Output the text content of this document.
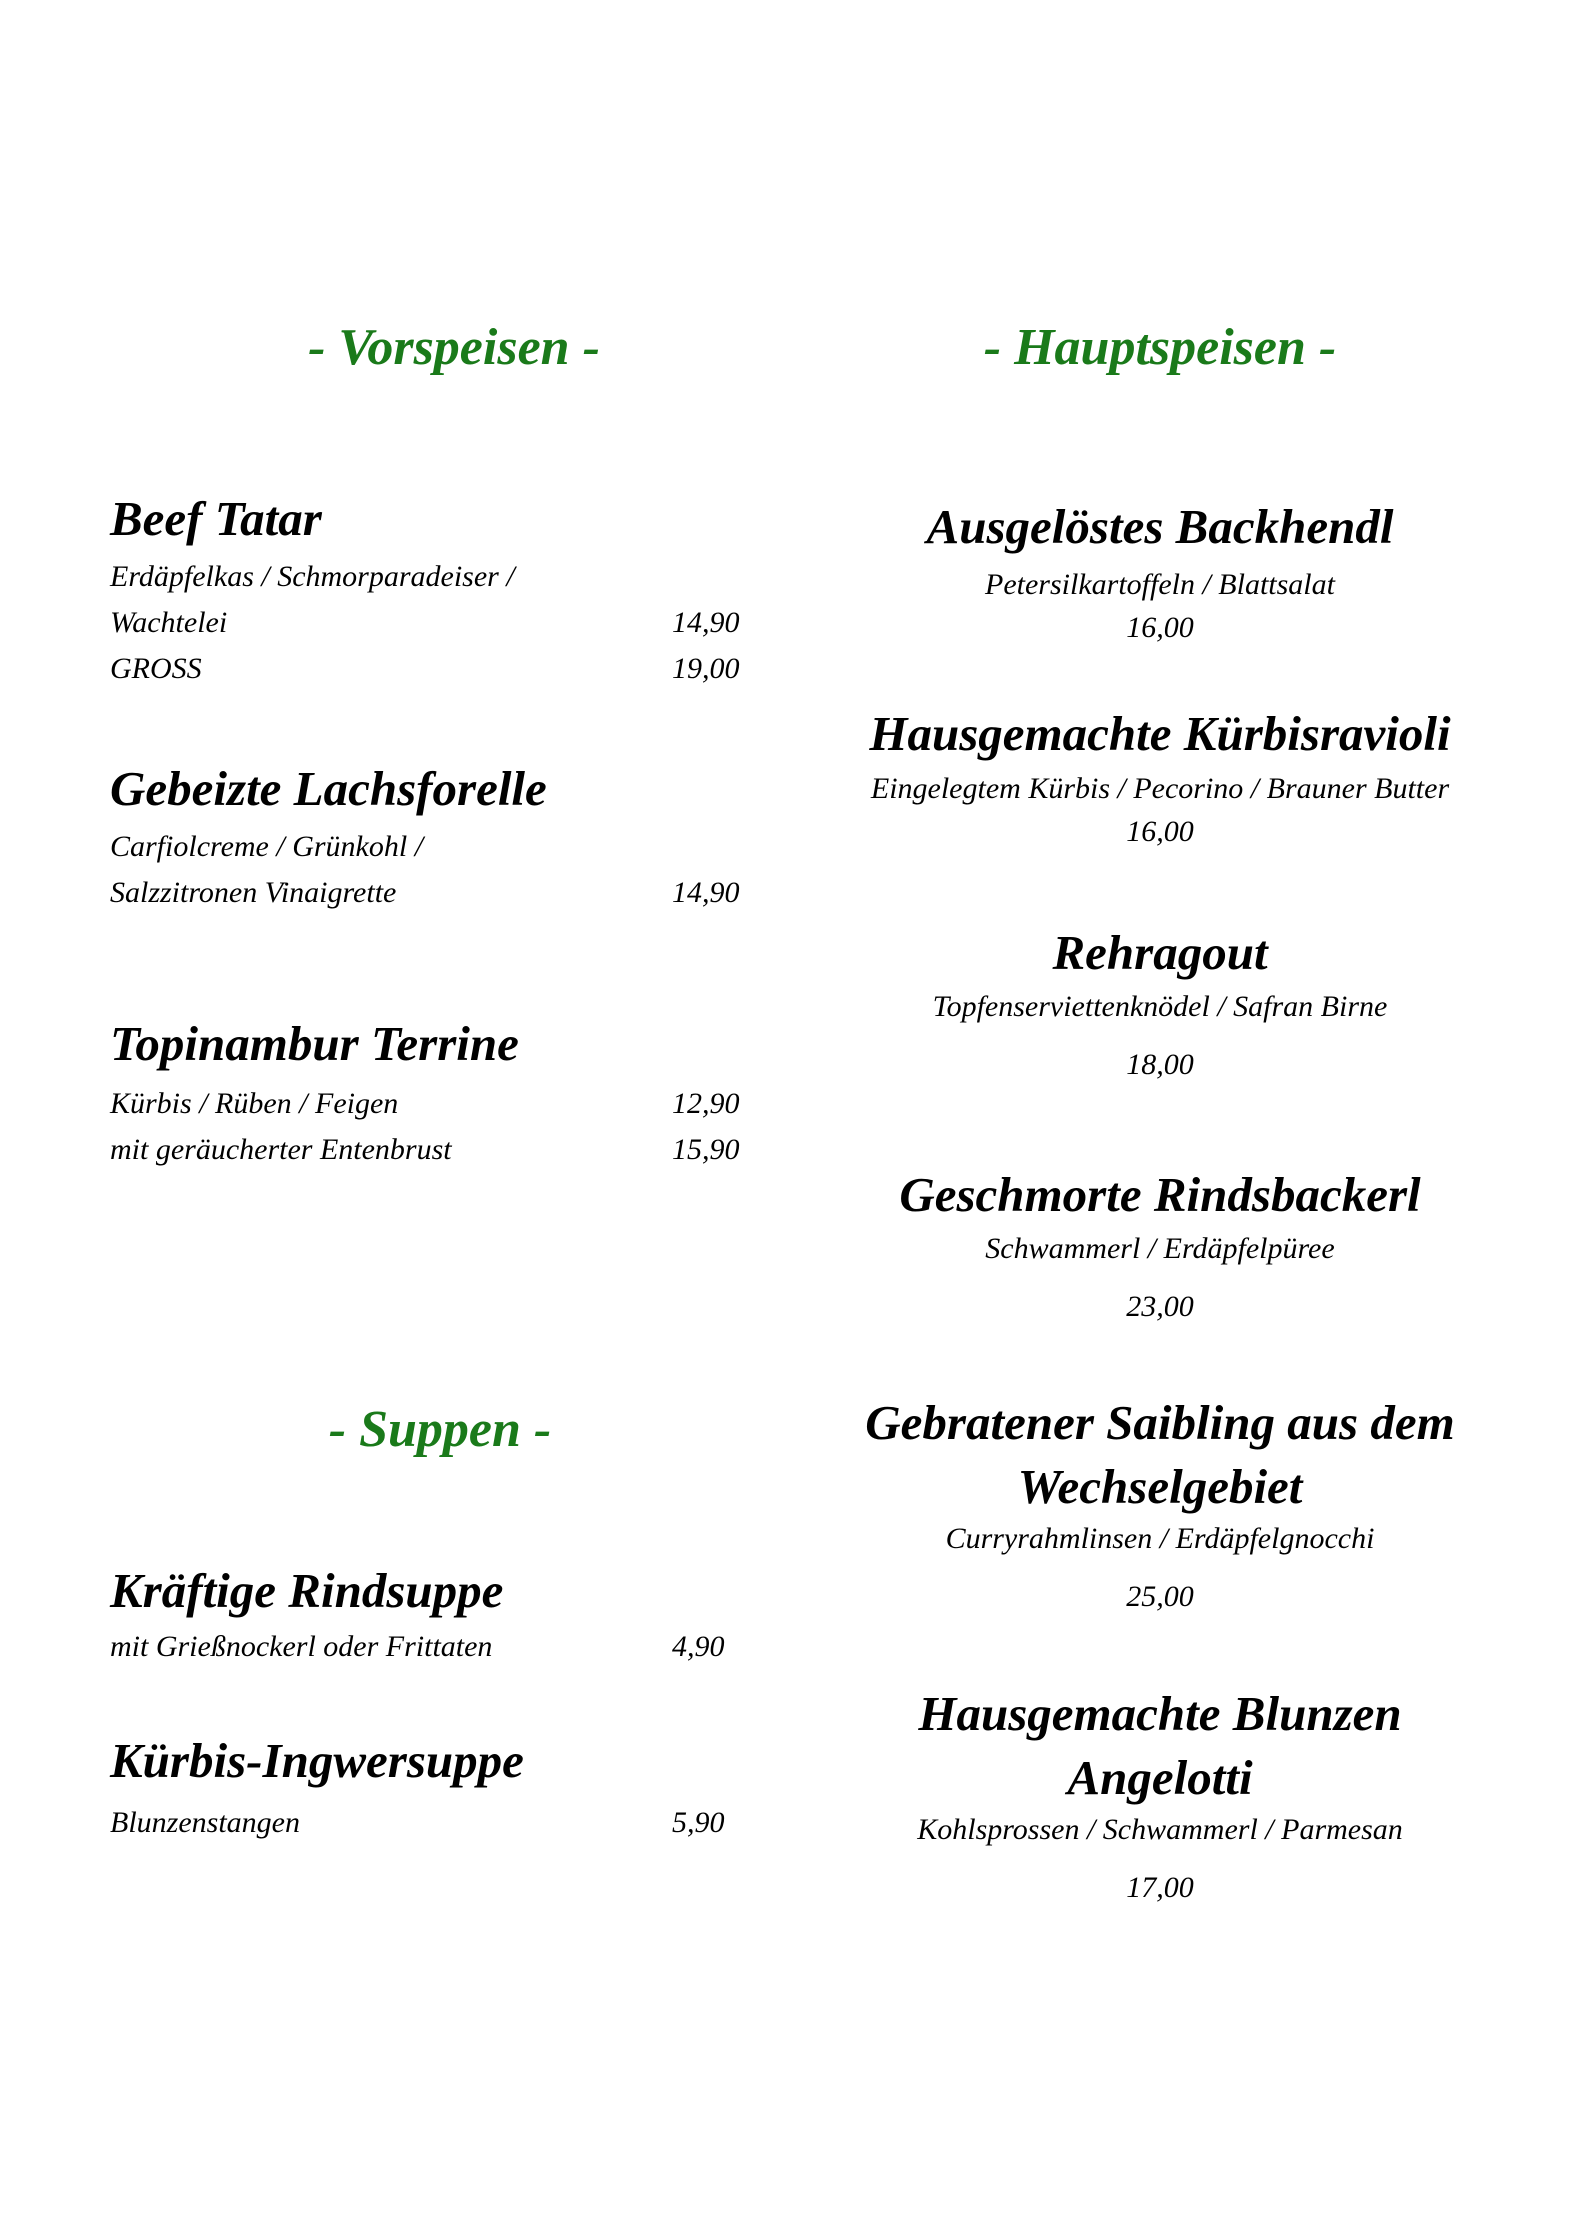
- Vorspeisen -	- Hauptspeisen -
- Suppen -
Beef Tatar
Erdäpfelkas / Schmorparadeiser /
Wachtelei	14,90
GROSS	19,00
Gebeizte Lachsforelle
Carfiolcreme / Grünkohl /
Salzzitronen Vinaigrette	14,90
Topinambur Terrine
Kürbis / Rüben / Feigen	12,90
mit geräucherter Entenbrust	15,90
Kräftige Rindsuppe
mit Grießnockerl oder Frittaten	4,90
Kürbis-Ingwersuppe
Blunzenstangen	5,90
Ausgelöstes Backhendl
Petersilkartoffeln / Blattsalat
16,00
Hausgemachte Kürbisravioli
Eingelegtem Kürbis / Pecorino / Brauner Butter
16,00
Rehragout
Topfenserviettenknödel / Safran Birne
18,00
Geschmorte Rindsbackerl
Schwammerl / Erdäpfelpüree
23,00
Gebratener Saibling aus dem
Wechselgebiet
Curryrahmlinsen / Erdäpfelgnocchi
25,00
Hausgemachte Blunzen
Angelotti
Kohlsprossen / Schwammerl / Parmesan
17,00
